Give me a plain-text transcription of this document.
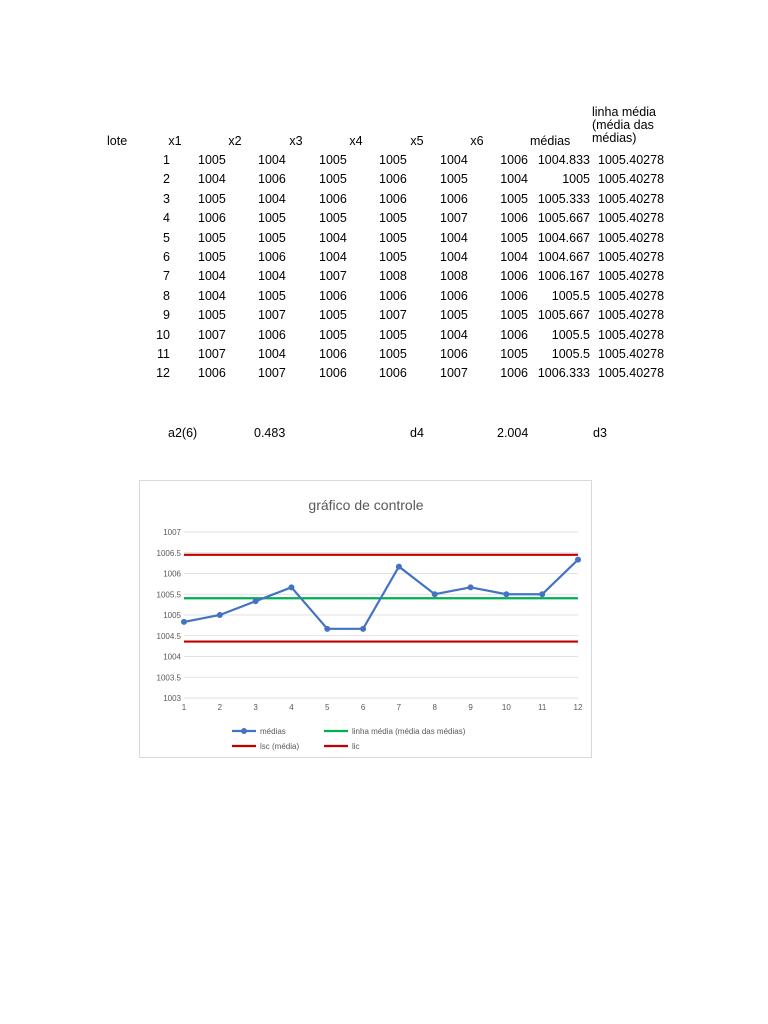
lote	x1	x2	x3	x4	x5	x6	médias
1 1005	1004	1005	1005	1004	1006 1004.833 1005.40278
2 1004	1006	1005	1006	1005	1004	1005 1005.40278
3 1005	1004	1006	1006	1006	1005 1005.333 1005.40278
4 1006	1005	1005	1005	1007	1006 1005.667 1005.40278
5 1005	1005	1004	1005	1004	1005 1004.667 1005.40278
6 1005	1006	1004	1005	1004	1004 1004.667 1005.40278
7 1004	1004	1007	1008	1008	1006 1006.167 1005.40278
8 1004	1005	1006	1006	1006	1006	1005.5 1005.40278
9 1005	1007	1005	1007	1005	1005 1005.667 1005.40278
10 1007	1006	1005	1005	1004	1006	1005.5 1005.40278
11 1007	1004	1006	1005	1006	1005	1005.5 1005.40278
12 1006	1007	1006	1006	1007	1006 1006.333 1005.40278
linha média
(média das
médias)
a2(6)	0.483	d4	2.004	d3
gráfico de controle
1003
1003.5
1004
1004.5
1005
1005.5
1006
1006.5
1007
1	2	3	4	5	6	7	8	9	10	11	12
médias	linha média (média das médias)
lsc (média)	lic
